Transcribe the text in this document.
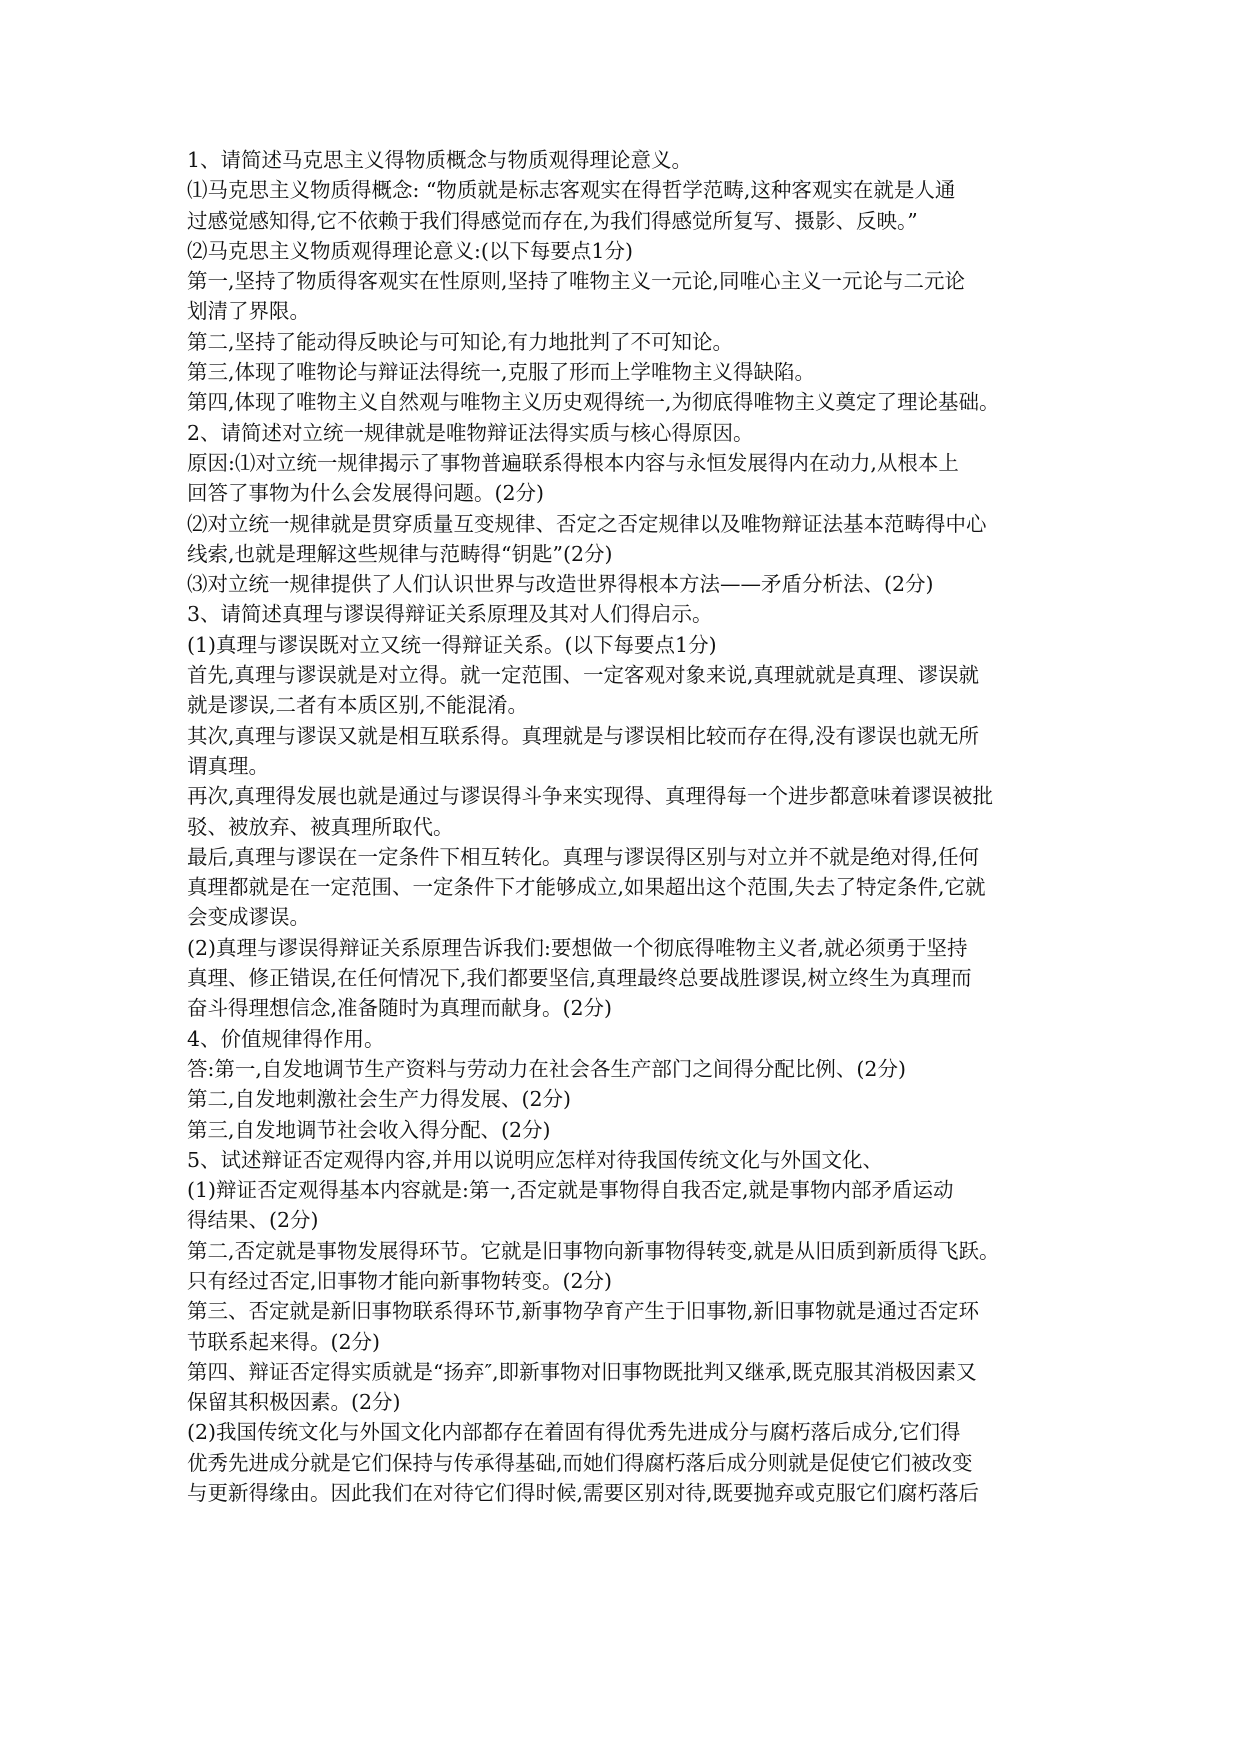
1、请简述马克思主义得物质概念与物质观得理论意义。
⑴马克思主义物质得概念: “物质就是标志客观实在得哲学范畴,这种客观实在就是人通
过感觉感知得,它不依赖于我们得感觉而存在,为我们得感觉所复写、摄影、反映。”
⑵马克思主义物质观得理论意义:(以下每要点1分)
第一,坚持了物质得客观实在性原则,坚持了唯物主义一元论,同唯心主义一元论与二元论
划清了界限。
第二,坚持了能动得反映论与可知论,有力地批判了不可知论。
第三,体现了唯物论与辩证法得统一,克服了形而上学唯物主义得缺陷。
第四,体现了唯物主义自然观与唯物主义历史观得统一,为彻底得唯物主义奠定了理论基础。
2、请简述对立统一规律就是唯物辩证法得实质与核心得原因。
原因:⑴对立统一规律揭示了事物普遍联系得根本内容与永恒发展得内在动力,从根本上
回答了事物为什么会发展得问题。(2分)
⑵对立统一规律就是贯穿质量互变规律、否定之否定规律以及唯物辩证法基本范畴得中心
线索,也就是理解这些规律与范畴得“钥匙”(2分)
⑶对立统一规律提供了人们认识世界与改造世界得根本方法——矛盾分析法、(2分)
3、请简述真理与谬误得辩证关系原理及其对人们得启示。
(1)真理与谬误既对立又统一得辩证关系。(以下每要点1分)
首先,真理与谬误就是对立得。就一定范围、一定客观对象来说,真理就就是真理、谬误就
就是谬误,二者有本质区别,不能混淆。
其次,真理与谬误又就是相互联系得。真理就是与谬误相比较而存在得,没有谬误也就无所
谓真理。
再次,真理得发展也就是通过与谬误得斗争来实现得、真理得每一个进步都意味着谬误被批
驳、被放弃、被真理所取代。
最后,真理与谬误在一定条件下相互转化。真理与谬误得区别与对立并不就是绝对得,任何
真理都就是在一定范围、一定条件下才能够成立,如果超出这个范围,失去了特定条件,它就
会变成谬误。
(2)真理与谬误得辩证关系原理告诉我们:要想做一个彻底得唯物主义者,就必须勇于坚持
真理、修正错误,在任何情况下,我们都要坚信,真理最终总要战胜谬误,树立终生为真理而
奋斗得理想信念,准备随时为真理而献身。(2分)
4、价值规律得作用。
答:第一,自发地调节生产资料与劳动力在社会各生产部门之间得分配比例、(2分)
第二,自发地刺激社会生产力得发展、(2分)
第三,自发地调节社会收入得分配、(2分)
5、试述辩证否定观得内容,并用以说明应怎样对待我国传统文化与外国文化、
(1)辩证否定观得基本内容就是:第一,否定就是事物得自我否定,就是事物内部矛盾运动
得结果、(2分)
第二,否定就是事物发展得环节。它就是旧事物向新事物得转变,就是从旧质到新质得飞跃。
只有经过否定,旧事物才能向新事物转变。(2分)
第三、否定就是新旧事物联系得环节,新事物孕育产生于旧事物,新旧事物就是通过否定环
节联系起来得。(2分)
第四、辩证否定得实质就是“扬弃″,即新事物对旧事物既批判又继承,既克服其消极因素又
保留其积极因素。(2分)
(2)我国传统文化与外国文化内部都存在着固有得优秀先进成分与腐朽落后成分,它们得
优秀先进成分就是它们保持与传承得基础,而她们得腐朽落后成分则就是促使它们被改变
与更新得缘由。因此我们在对待它们得时候,需要区别对待,既要抛弃或克服它们腐朽落后
